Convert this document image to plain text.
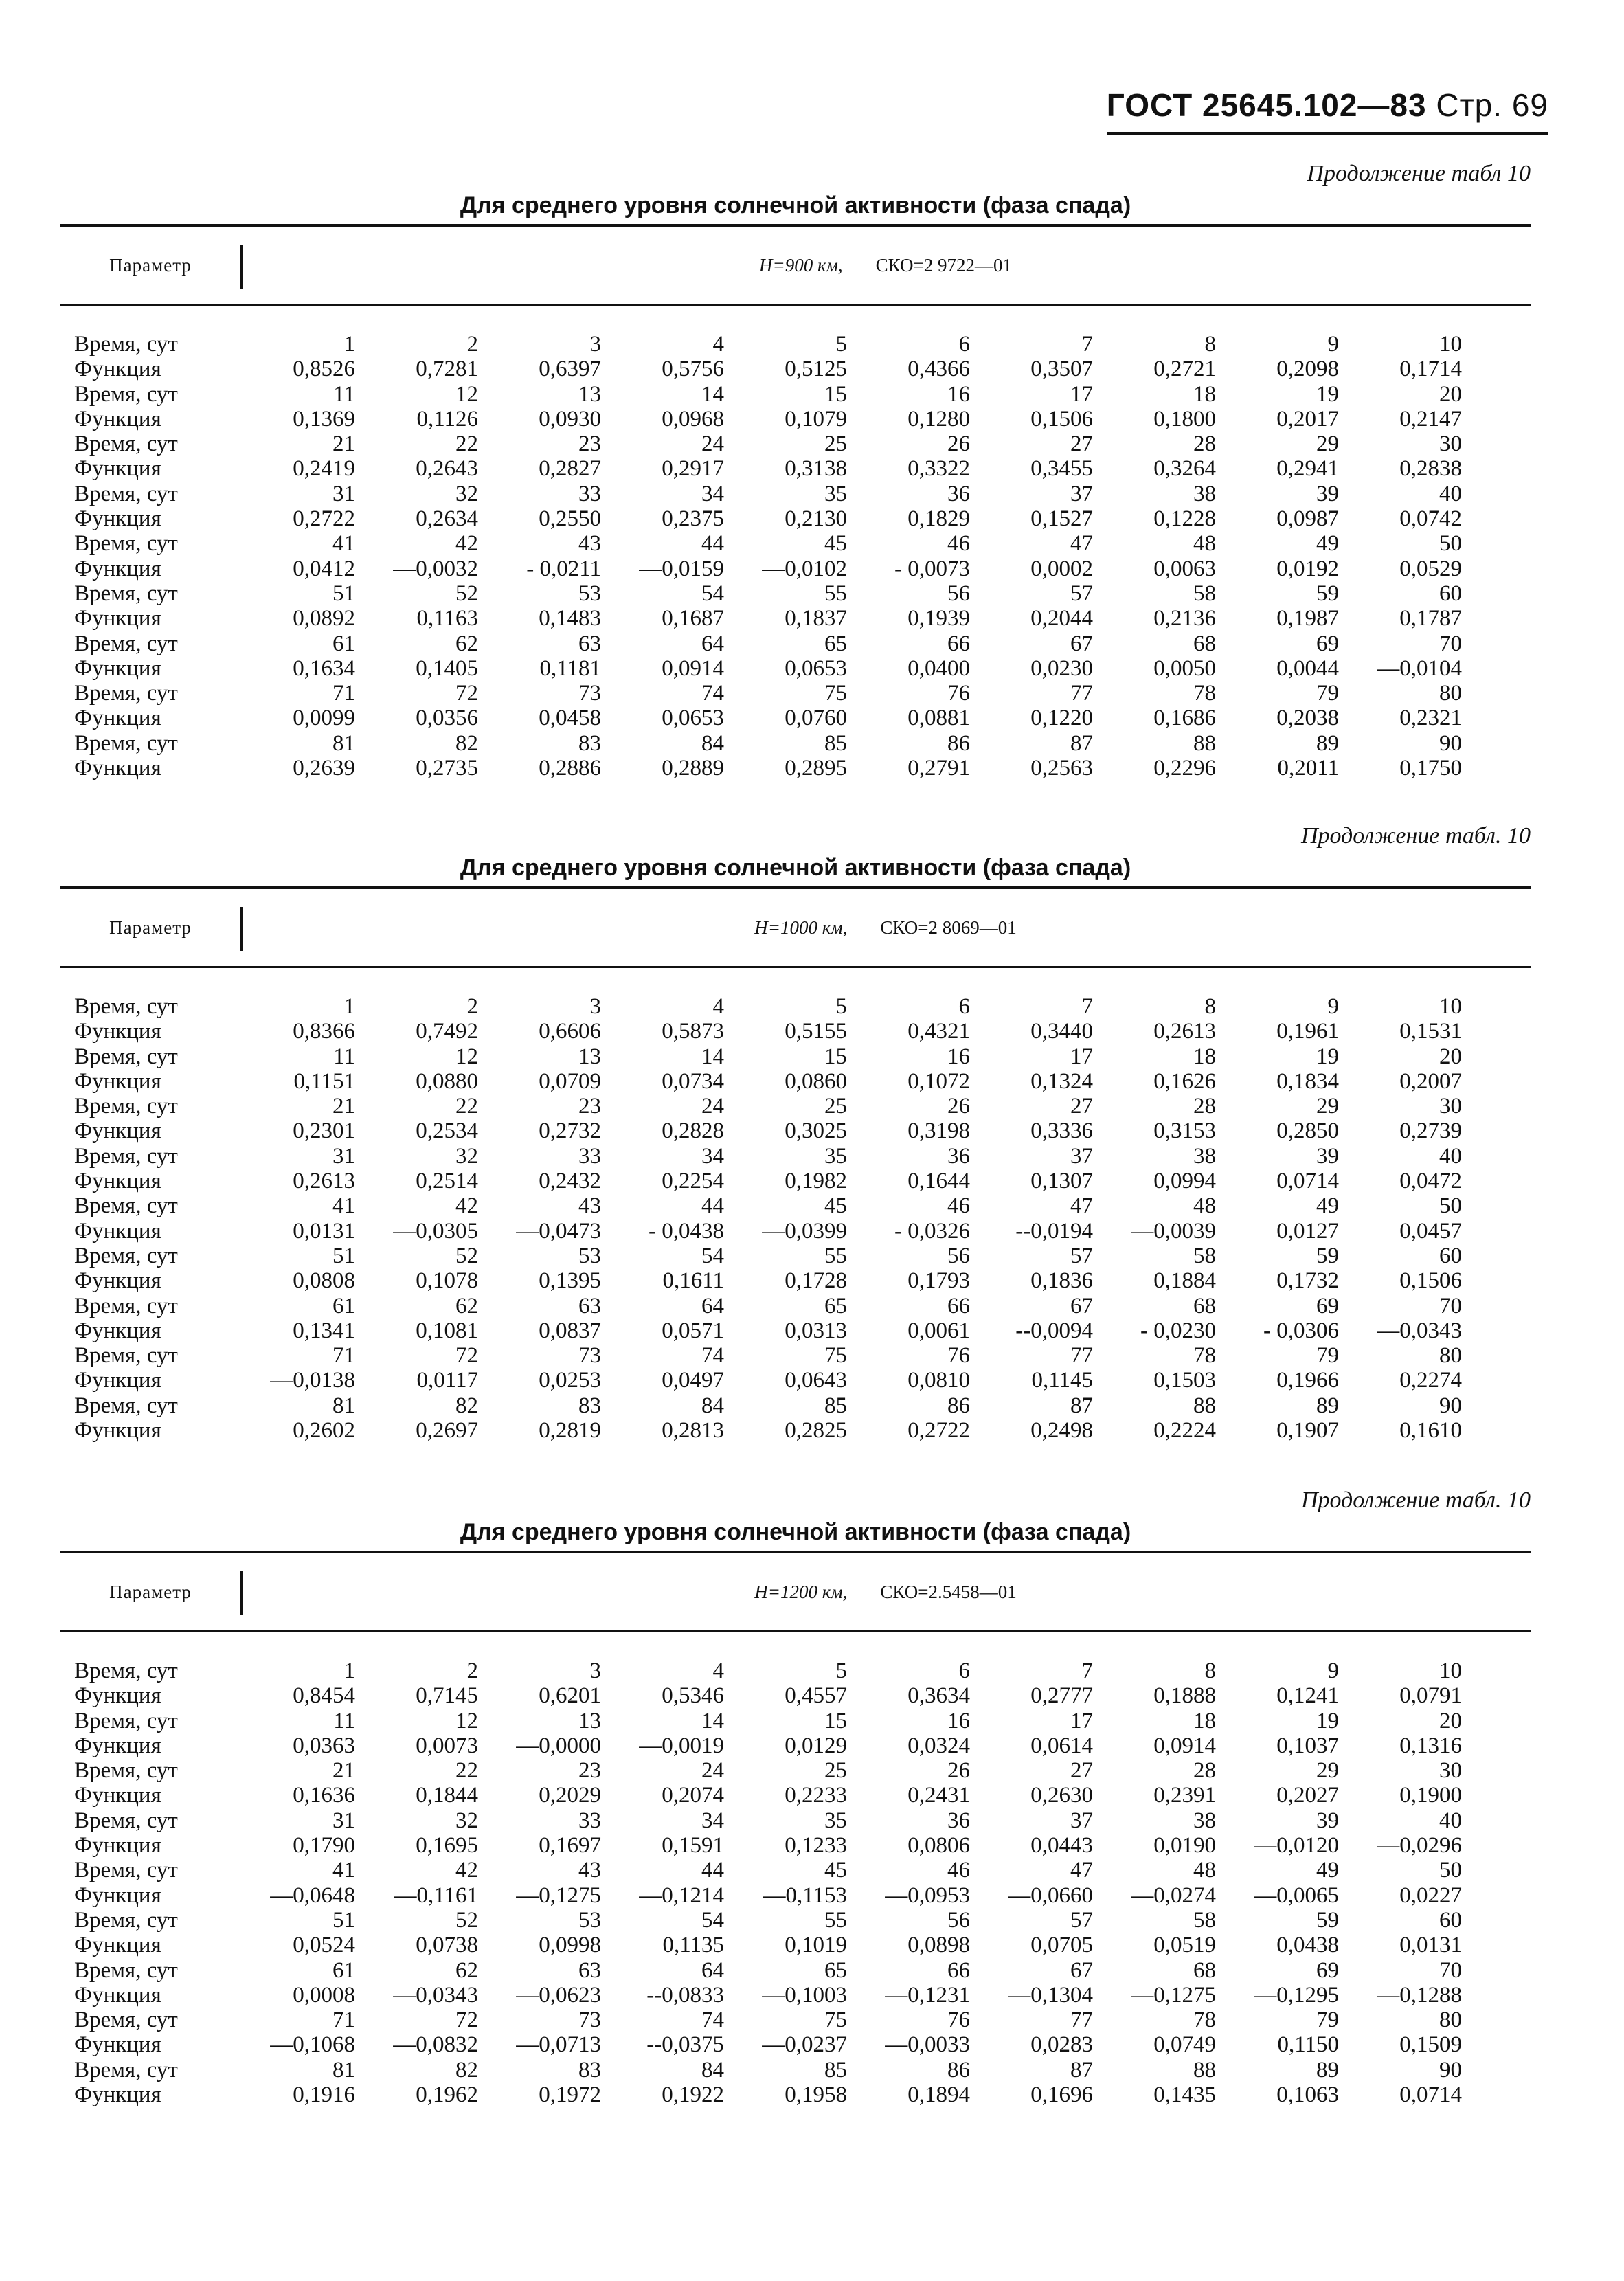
ГОСТ 25645.102—83 Стр. 69
Продолжение табл 10
Для среднего уровня солнечной активности (фаза спада)
Параметр	H=900 км, СКО=2 9722—01
Время, сут	1	2	3	4	5	6	7	8	9	10
Функция	0,8526	0,7281	0,6397	0,5756	0,5125	0,4366	0,3507	0,2721	0,2098	0,1714
Время, сут	11	12	13	14	15	16	17	18	19	20
Функция	0,1369	0,1126	0,0930	0,0968	0,1079	0,1280	0,1506	0,1800	0,2017	0,2147
Время, сут	21	22	23	24	25	26	27	28	29	30
Функция	0,2419	0,2643	0,2827	0,2917	0,3138	0,3322	0,3455	0,3264	0,2941	0,2838
Время, сут	31	32	33	34	35	36	37	38	39	40
Функция	0,2722	0,2634	0,2550	0,2375	0,2130	0,1829	0,1527	0,1228	0,0987	0,0742
Время, сут	41	42	43	44	45	46	47	48	49	50
Функция	0,0412	—0,0032	- 0,0211	—0,0159	—0,0102	- 0,0073	0,0002	0,0063	0,0192	0,0529
Время, сут	51	52	53	54	55	56	57	58	59	60
Функция	0,0892	0,1163	0,1483	0,1687	0,1837	0,1939	0,2044	0,2136	0,1987	0,1787
Время, сут	61	62	63	64	65	66	67	68	69	70
Функция	0,1634	0,1405	0,1181	0,0914	0,0653	0,0400	0,0230	0,0050	0,0044	—0,0104
Время, сут	71	72	73	74	75	76	77	78	79	80
Функция	0,0099	0,0356	0,0458	0,0653	0,0760	0,0881	0,1220	0,1686	0,2038	0,2321
Время, сут	81	82	83	84	85	86	87	88	89	90
Функция	0,2639	0,2735	0,2886	0,2889	0,2895	0,2791	0,2563	0,2296	0,2011	0,1750
Продолжение табл. 10
Для среднего уровня солнечной активности (фаза спада)
Параметр	H=1000 км, СКО=2 8069—01
Время, сут	1	2	3	4	5	6	7	8	9	10
Функция	0,8366	0,7492	0,6606	0,5873	0,5155	0,4321	0,3440	0,2613	0,1961	0,1531
Время, сут	11	12	13	14	15	16	17	18	19	20
Функция	0,1151	0,0880	0,0709	0,0734	0,0860	0,1072	0,1324	0,1626	0,1834	0,2007
Время, сут	21	22	23	24	25	26	27	28	29	30
Функция	0,2301	0,2534	0,2732	0,2828	0,3025	0,3198	0,3336	0,3153	0,2850	0,2739
Время, сут	31	32	33	34	35	36	37	38	39	40
Функция	0,2613	0,2514	0,2432	0,2254	0,1982	0,1644	0,1307	0,0994	0,0714	0,0472
Время, сут	41	42	43	44	45	46	47	48	49	50
Функция	0,0131	—0,0305	—0,0473	- 0,0438	—0,0399	- 0,0326	--0,0194	—0,0039	0,0127	0,0457
Время, сут	51	52	53	54	55	56	57	58	59	60
Функция	0,0808	0,1078	0,1395	0,1611	0,1728	0,1793	0,1836	0,1884	0,1732	0,1506
Время, сут	61	62	63	64	65	66	67	68	69	70
Функция	0,1341	0,1081	0,0837	0,0571	0,0313	0,0061	--0,0094	- 0,0230	- 0,0306	—0,0343
Время, сут	71	72	73	74	75	76	77	78	79	80
Функция	—0,0138	0,0117	0,0253	0,0497	0,0643	0,0810	0,1145	0,1503	0,1966	0,2274
Время, сут	81	82	83	84	85	86	87	88	89	90
Функция	0,2602	0,2697	0,2819	0,2813	0,2825	0,2722	0,2498	0,2224	0,1907	0,1610
Продолжение табл. 10
Для среднего уровня солнечной активности (фаза спада)
Параметр	H=1200 км, СКО=2.5458—01
Время, сут	1	2	3	4	5	6	7	8	9	10
Функция	0,8454	0,7145	0,6201	0,5346	0,4557	0,3634	0,2777	0,1888	0,1241	0,0791
Время, сут	11	12	13	14	15	16	17	18	19	20
Функция	0,0363	0,0073	—0,0000	—0,0019	0,0129	0,0324	0,0614	0,0914	0,1037	0,1316
Время, сут	21	22	23	24	25	26	27	28	29	30
Функция	0,1636	0,1844	0,2029	0,2074	0,2233	0,2431	0,2630	0,2391	0,2027	0,1900
Время, сут	31	32	33	34	35	36	37	38	39	40
Функция	0,1790	0,1695	0,1697	0,1591	0,1233	0,0806	0,0443	0,0190	—0,0120	—0,0296
Время, сут	41	42	43	44	45	46	47	48	49	50
Функция	—0,0648	—0,1161	—0,1275	—0,1214	—0,1153	—0,0953	—0,0660	—0,0274	—0,0065	0,0227
Время, сут	51	52	53	54	55	56	57	58	59	60
Функция	0,0524	0,0738	0,0998	0,1135	0,1019	0,0898	0,0705	0,0519	0,0438	0,0131
Время, сут	61	62	63	64	65	66	67	68	69	70
Функция	0,0008	—0,0343	—0,0623	--0,0833	—0,1003	—0,1231	—0,1304	—0,1275	—0,1295	—0,1288
Время, сут	71	72	73	74	75	76	77	78	79	80
Функция	—0,1068	—0,0832	—0,0713	--0,0375	—0,0237	—0,0033	0,0283	0,0749	0,1150	0,1509
Время, сут	81	82	83	84	85	86	87	88	89	90
Функция	0,1916	0,1962	0,1972	0,1922	0,1958	0,1894	0,1696	0,1435	0,1063	0,0714
